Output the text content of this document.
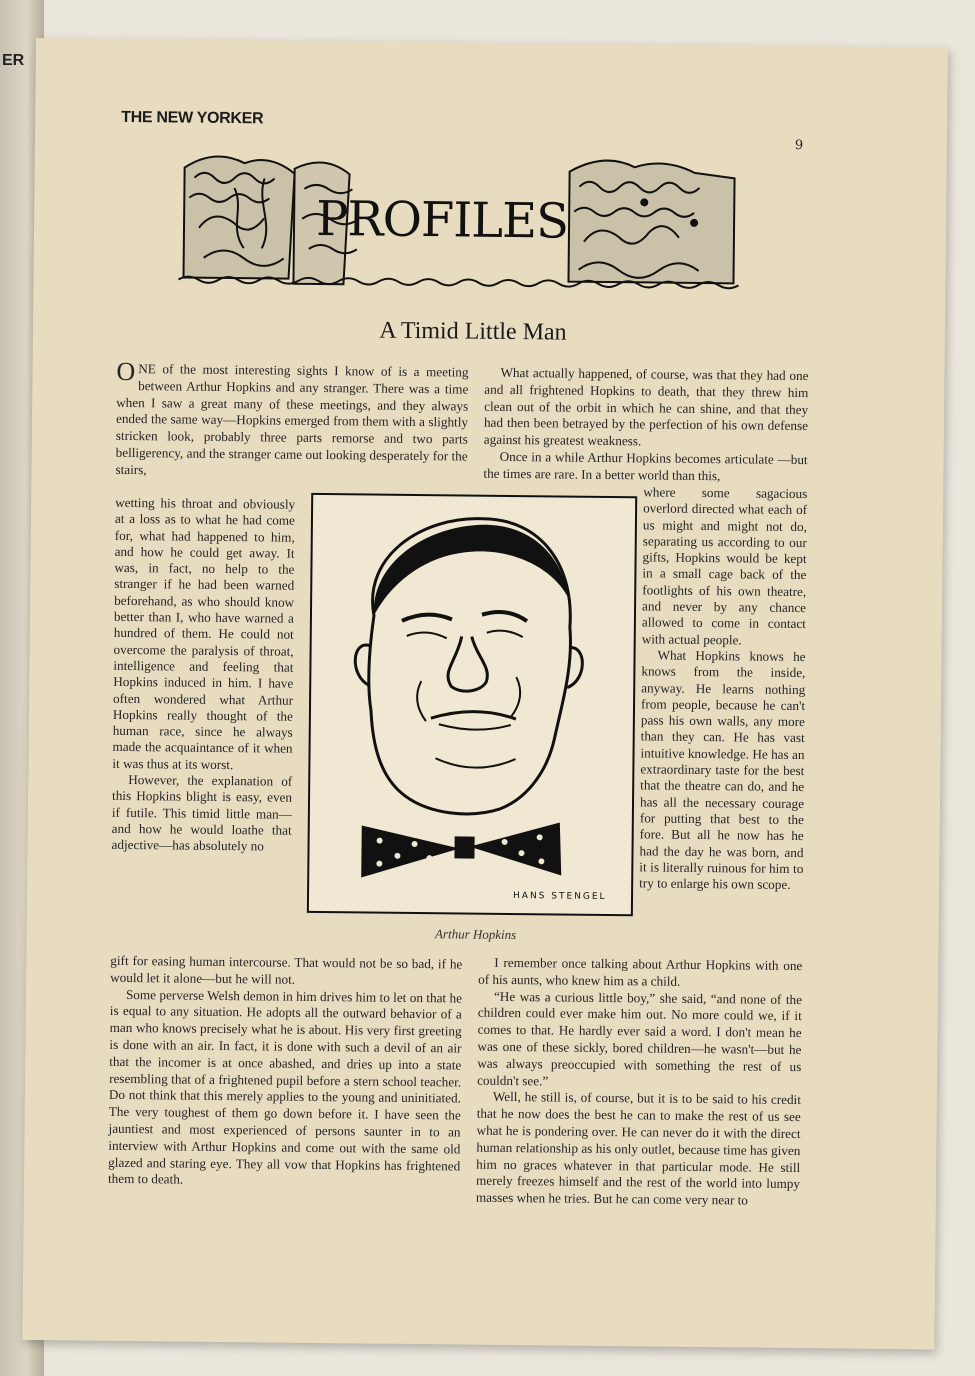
ER
THE NEW YORKER
9
PROFILES
A Timid Little Man

ONE of the most interesting sights I know of is a meeting between Arthur Hopkins and any stranger. There was a time when I saw a great many of these meetings, and they always ended the same way—Hopkins emerged from them with a slightly stricken look, probably three parts remorse and two parts belligerency, and the stranger came out looking desperately for the stairs,

wetting his throat and obviously at a loss as to what he had come for, what had happened to him, and how he could get away. It was, in fact, no help to the stranger if he had been warned beforehand, as who should know better than I, who have warned a hundred of them. He could not overcome the paralysis of throat, intelligence and feeling that Hopkins induced in him. I have often wondered what Arthur Hopkins really thought of the human race, since he always made the acquaintance of it when it was thus at its worst.

However, the explanation of this Hopkins blight is easy, even if futile. This timid little man—and how he would loathe that adjective—has absolutely no

gift for easing human intercourse. That would not be so bad, if he would let it alone—but he will not.

Some perverse Welsh demon in him drives him to let on that he is equal to any situation. He adopts all the outward behavior of a man who knows precisely what he is about. His very first greeting is done with an air. In fact, it is done with such a devil of an air that the incomer is at once abashed, and dries up into a state resembling that of a frightened pupil before a stern school teacher. Do not think that this merely applies to the young and uninitiated. The very toughest of them go down before it. I have seen the jauntiest and most experienced of persons saunter in to an interview with Arthur Hopkins and come out with the same old glazed and staring eye. They all vow that Hopkins has frightened them to death.

What actually happened, of course, was that they had one and all frightened Hopkins to death, that they threw him clean out of the orbit in which he can shine, and that they had then been betrayed by the perfection of his own defense against his greatest weakness.

Once in a while Arthur Hopkins becomes articulate —but the times are rare. In a better world than this,

where some sagacious overlord directed what each of us might and might not do, separating us according to our gifts, Hopkins would be kept in a small cage back of the footlights of his own theatre, and never by any chance allowed to come in contact with actual people.

What Hopkins knows he knows from the inside, anyway. He learns nothing from people, because he can't pass his own walls, any more than they can. He has vast intuitive knowledge. He has an extraordinary taste for the best that the theatre can do, and he has all the necessary courage for putting that best to the fore. But all he now has he had the day he was born, and it is literally ruinous for him to try to enlarge his own scope.

I remember once talking about Arthur Hopkins with one of his aunts, who knew him as a child.

“He was a curious little boy,” she said, “and none of the children could ever make him out. No more could we, if it comes to that. He hardly ever said a word. I don't mean he was one of these sickly, bored children—he wasn't—but he was always preoccupied with something the rest of us couldn't see.”

Well, he still is, of course, but it is to be said to his credit that he now does the best he can to make the rest of us see what he is pondering over. He can never do it with the direct human relationship as his only outlet, because time has given him no graces whatever in that particular mode. He still merely freezes himself and the rest of the world into lumpy masses when he tries. But he can come very near to

HANS STENGEL
Arthur Hopkins
